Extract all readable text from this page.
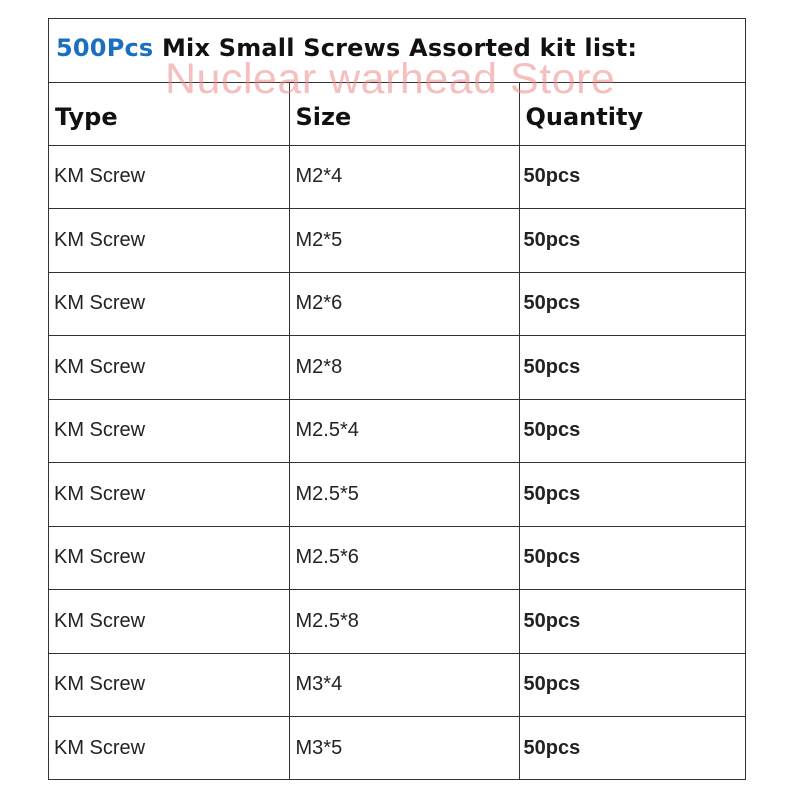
500Pcs Mix Small Screws Assorted kit list:
Nuclear warhead Store
Type	Size	Quantity
KM Screw	M2*4	50pcs
KM Screw	M2*5	50pcs
KM Screw	M2*6	50pcs
KM Screw	M2*8	50pcs
KM Screw	M2.5*4	50pcs
KM Screw	M2.5*5	50pcs
KM Screw	M2.5*6	50pcs
KM Screw	M2.5*8	50pcs
KM Screw	M3*4	50pcs
KM Screw	M3*5	50pcs
